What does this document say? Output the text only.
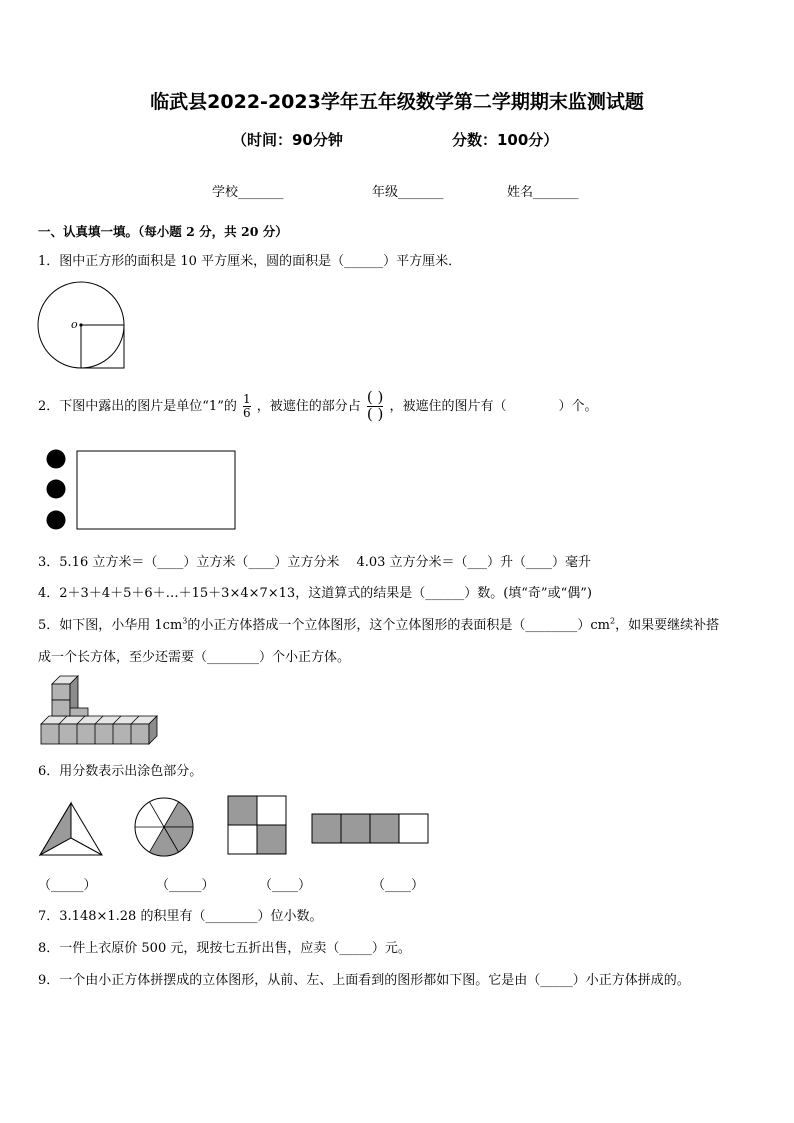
临武县2022-2023学年五年级数学第二学期期末监测试题
（时间：90分钟	分数：100分）
学校_______	年级_______	姓名_______
一、认真填一填。（每小题 2 分，共 20 分）
1．图中正方形的面积是 10 平方厘米，圆的面积是（______）平方厘米．
o
2．下图中露出的图片是单位“1”的 $\frac{1}{6}$ ，被遮住的部分占 $\frac{( )}{( )}$ ，被遮住的图片有（　　　　）个。
3．5.16 立方米＝（____）立方米（____）立方分米　 4.03 立方分米＝（___）升（____）毫升
4．2＋3＋4＋5＋6＋…＋15＋3×4×7×13，这道算式的结果是（______）数。(填“奇”或“偶”)
5．如下图，小华用 $1cm^3$的小正方体搭成一个立体图形，这个立体图形的表面积是$(\_\_\_\_\_\_\_\_)cm^2$，如果要继续补搭
成一个长方体，至少还需要（________）个小正方体。
6．用分数表示出涂色部分。
（_____）	（_____）	（____）	（____）
7．3.148×1.28 的积里有（________）位小数。
8．一件上衣原价 500 元，现按七五折出售，应卖（_____）元。
9．一个由小正方体拼摆成的立体图形，从前、左、上面看到的图形都如下图。它是由（_____）小正方体拼成的。
